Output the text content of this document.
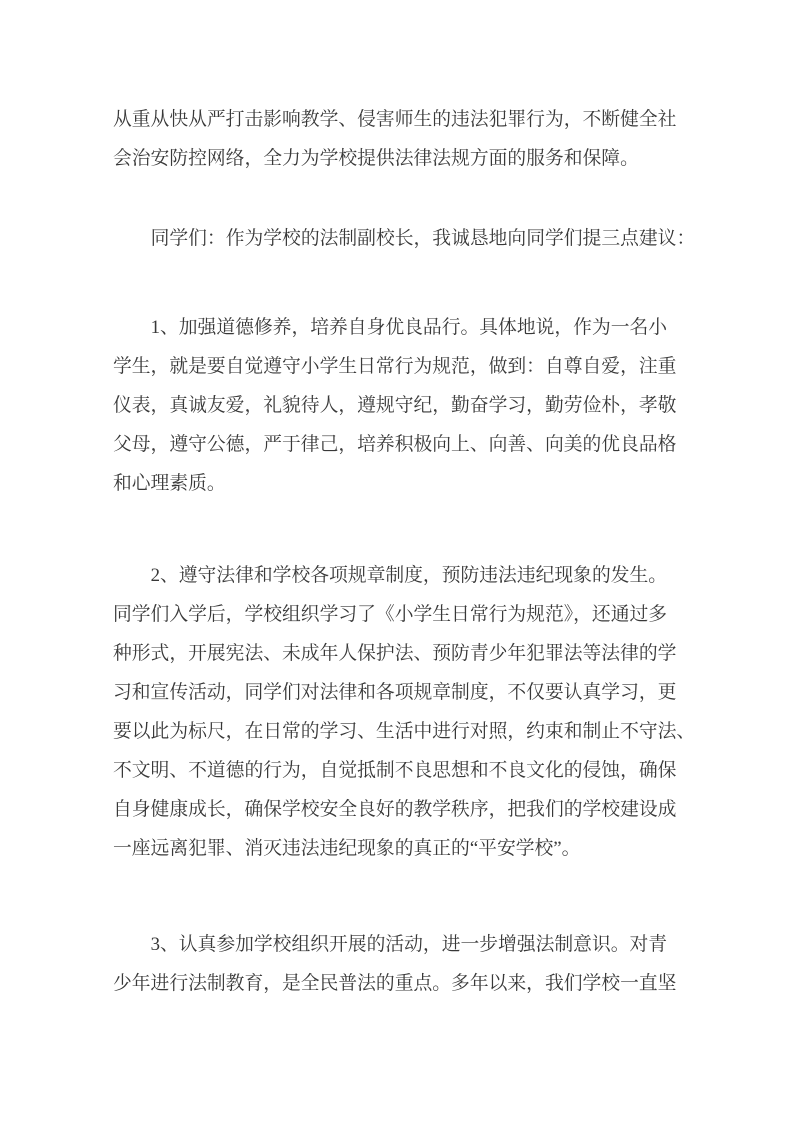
从重从快从严打击影响教学、侵害师生的违法犯罪行为，不断健全社
会治安防控网络，全力为学校提供法律法规方面的服务和保障。
同学们：作为学校的法制副校长，我诚恳地向同学们提三点建议：
1、加强道德修养，培养自身优良品行。具体地说，作为一名小
学生，就是要自觉遵守小学生日常行为规范，做到：自尊自爱，注重
仪表，真诚友爱，礼貌待人，遵规守纪，勤奋学习，勤劳俭朴，孝敬
父母，遵守公德，严于律己，培养积极向上、向善、向美的优良品格
和心理素质。
2、遵守法律和学校各项规章制度，预防违法违纪现象的发生。
同学们入学后，学校组织学习了《小学生日常行为规范》，还通过多
种形式，开展宪法、未成年人保护法、预防青少年犯罪法等法律的学
习和宣传活动，同学们对法律和各项规章制度，不仅要认真学习，更
要以此为标尺，在日常的学习、生活中进行对照，约束和制止不守法、
不文明、不道德的行为，自觉抵制不良思想和不良文化的侵蚀，确保
自身健康成长，确保学校安全良好的教学秩序，把我们的学校建设成
一座远离犯罪、消灭违法违纪现象的真正的“平安学校”。
3、认真参加学校组织开展的活动，进一步增强法制意识。对青
少年进行法制教育，是全民普法的重点。多年以来，我们学校一直坚
